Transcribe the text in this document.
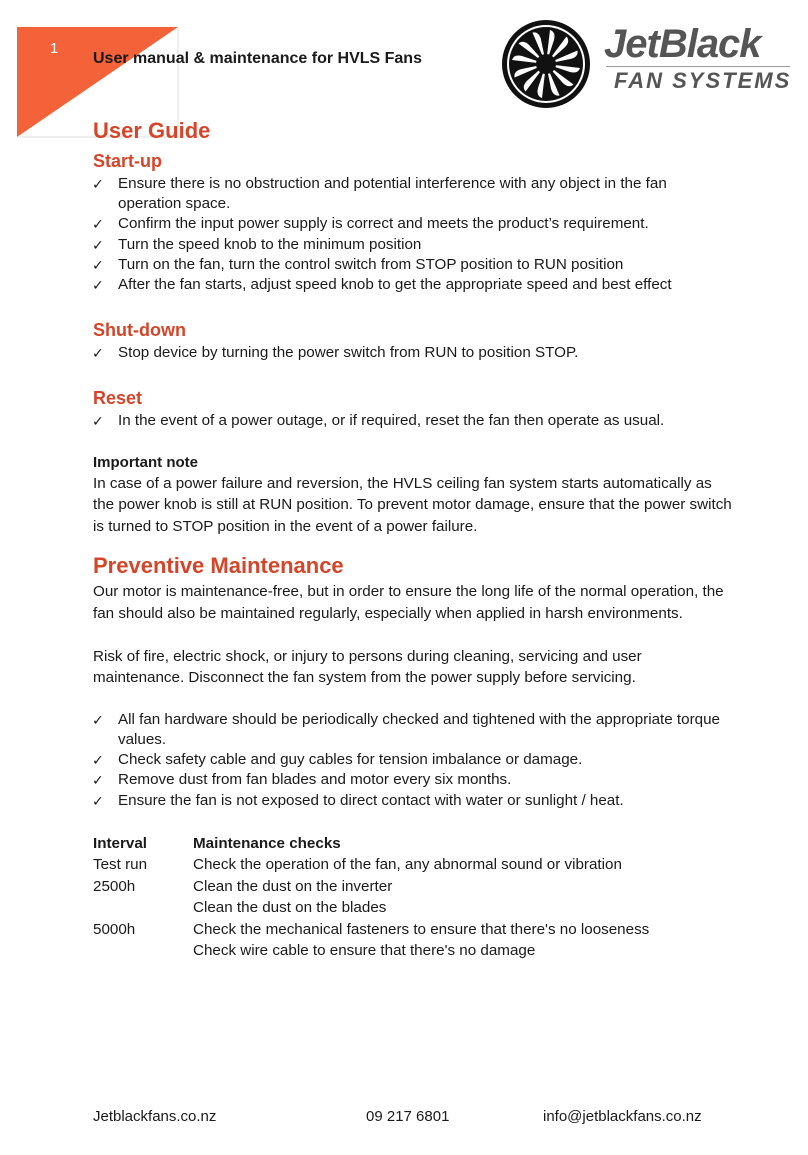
1
User manual & maintenance for HVLS Fans	JetBlack
FAN SYSTEMS
User Guide
Start-up
✓ Ensure there is no obstruction and potential interference with any object in the fan operation space.
✓ Confirm the input power supply is correct and meets the product’s requirement.
✓ Turn the speed knob to the minimum position
✓ Turn on the fan, turn the control switch from STOP position to RUN position
✓ After the fan starts, adjust speed knob to get the appropriate speed and best effect
Shut-down
✓ Stop device by turning the power switch from RUN to position STOP.
Reset
✓ In the event of a power outage, or if required, reset the fan then operate as usual.
Important note

In case of a power failure and reversion, the HVLS ceiling fan system starts automatically as the power knob is still at RUN position. To prevent motor damage, ensure that the power switch is turned to STOP position in the event of a power failure.

Preventive Maintenance

Our motor is maintenance-free, but in order to ensure the long life of the normal operation, the fan should also be maintained regularly, especially when applied in harsh environments.

Risk of fire, electric shock, or injury to persons during cleaning, servicing and user maintenance. Disconnect the fan system from the power supply before servicing.

✓ All fan hardware should be periodically checked and tightened with the appropriate torque values.
✓ Check safety cable and guy cables for tension imbalance or damage.
✓ Remove dust from fan blades and motor every six months.
✓ Ensure the fan is not exposed to direct contact with water or sunlight / heat.
Interval	Maintenance checks
Test run	Check the operation of the fan, any abnormal sound or vibration
2500h	Clean the dust on the inverter
	Clean the dust on the blades
5000h	Check the mechanical fasteners to ensure that there's no looseness
	Check wire cable to ensure that there's no damage
Jetblackfans.co.nz	09 217 6801	info@jetblackfans.co.nz
